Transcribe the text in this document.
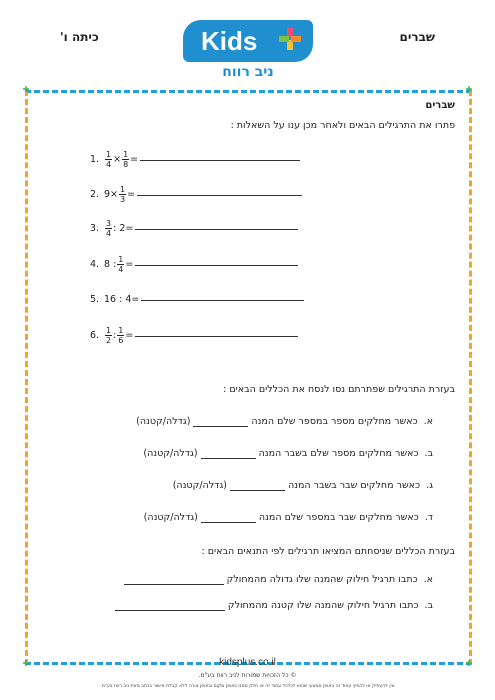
כיתה ו'	שברים
Kids
ניב רווח
✚	✚
✚	✚
שברים
פתרו את התרגילים הבאים ולאחר מכן ענו על השאלות :
1. $\frac{1}{4} \times \frac{1}{8}$ =
2. $9 \times \frac{1}{3}$ =
3. $\frac{3}{4}$ : 2 =
4. 8 : $\frac{1}{4}$ =
5. 16 : 4 =
6. $\frac{1}{2}$ : $\frac{1}{6}$ =
בעזרת התרגילים שפתרתם נסו לנסח את הכללים הבאים :
א.
כאשר מחלקים מספר במספר שלם המנה
(גדלה/קטנה)
ב.
כאשר מחלקים מספר שלם בשבר המנה
(גדלה/קטנה)
ג.
כאשר מחלקים שבר בשבר המנה
(גדלה/קטנה)
ד.
כאשר מחלקים שבר במספר שלם המנה
(גדלה/קטנה)
בעזרת הכללים שניסחתם המציאו תרגילים לפי התנאים הבאים :
א.
כתבו תרגיל חילוק שהמנה שלו גדולה מהמחולק
ב.
כתבו תרגיל חילוק שהמנה שלו קטנה מהמחולק
kidsplus.co.il
© כל הזכויות שמורות לניב רווח בע"מ.
אין להעתיק או להפיץ עמוד זה באופן אמצעי שהוא לכלכל עמוד זה או חלק ממנו באופן מקום ובאופן צורה ללא קבלת אישור בכתב מאת ניב רווח בע"מ.
